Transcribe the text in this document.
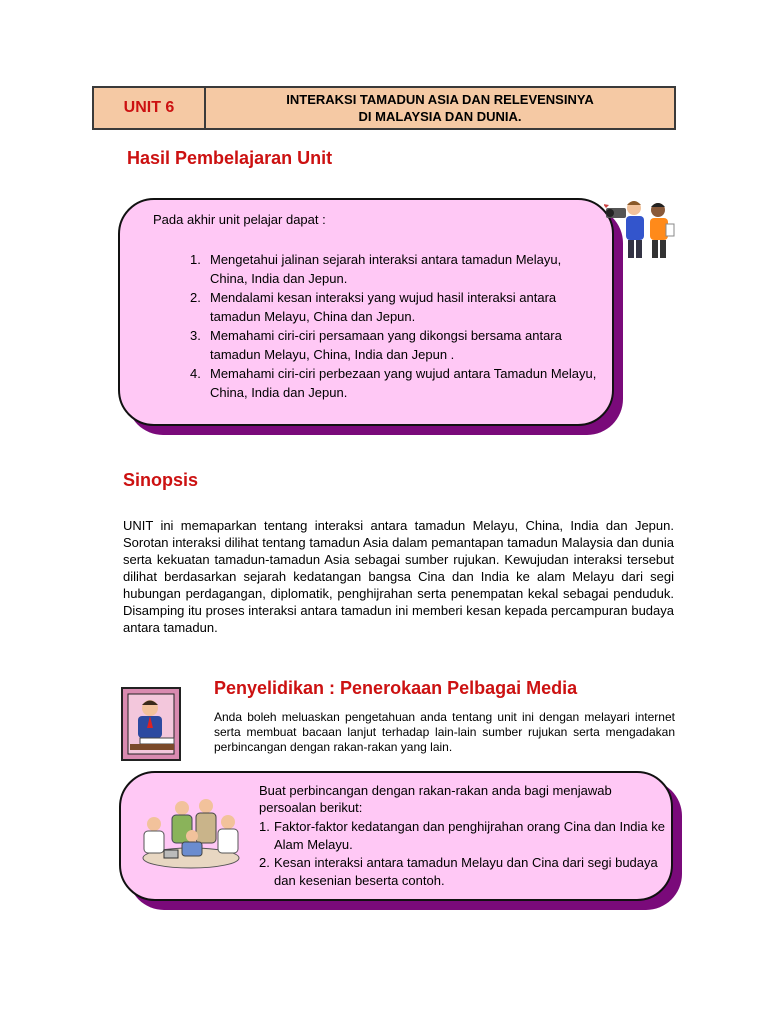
UNIT 6	INTERAKSI TAMADUN ASIA DAN RELEVENSINYA
DI MALAYSIA DAN DUNIA.
Hasil Pembelajaran Unit
Pada akhir unit pelajar dapat :
1. Mengetahui jalinan sejarah interaksi antara tamadun Melayu, China, India dan Jepun.
2. Mendalami kesan interaksi yang wujud hasil interaksi antara tamadun Melayu, China dan Jepun.
3. Memahami ciri-ciri persamaan yang dikongsi bersama antara tamadun Melayu, China, India dan Jepun .
4. Memahami ciri-ciri perbezaan yang wujud antara Tamadun Melayu, China, India dan Jepun.
Sinopsis
UNIT ini memaparkan tentang interaksi antara tamadun Melayu, China, India dan Jepun. Sorotan interaksi dilihat tentang tamadun Asia dalam pemantapan tamadun Malaysia dan dunia serta kekuatan tamadun-tamadun Asia sebagai sumber rujukan. Kewujudan interaksi tersebut dilihat berdasarkan sejarah kedatangan bangsa Cina dan India ke alam Melayu dari segi hubungan perdagangan, diplomatik, penghijrahan serta penempatan kekal sebagai penduduk. Disamping itu proses interaksi antara tamadun ini memberi kesan kepada percampuran budaya antara tamadun.
Penyelidikan : Penerokaan Pelbagai Media
Anda boleh meluaskan pengetahuan anda tentang unit ini dengan melayari internet serta membuat bacaan lanjut terhadap lain-lain sumber rujukan serta mengadakan perbincangan dengan rakan-rakan yang lain.
Buat perbincangan dengan rakan-rakan anda bagi menjawab persoalan berikut:
1. Faktor-faktor kedatangan dan penghijrahan orang Cina dan India ke Alam Melayu.
2. Kesan interaksi antara tamadun Melayu dan Cina dari segi budaya dan kesenian beserta contoh.
